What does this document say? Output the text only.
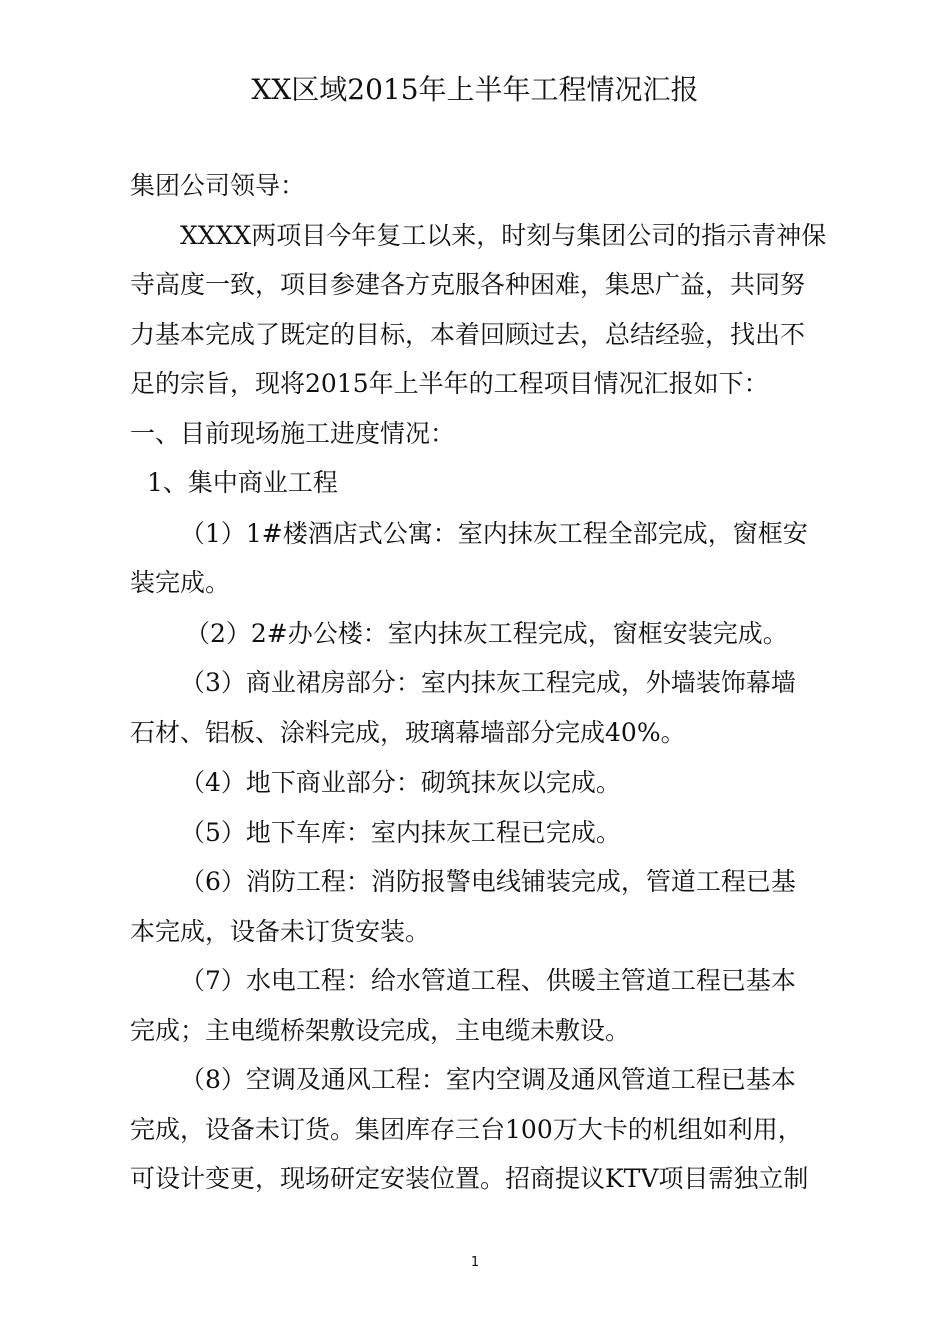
XX区域2015年上半年工程情况汇报
集团公司领导：
XXXX两项目今年复工以来，时刻与集团公司的指示青神保
寺高度一致，项目参建各方克服各种困难，集思广益，共同努
力基本完成了既定的目标，本着回顾过去，总结经验，找出不
足的宗旨，现将2015年上半年的工程项目情况汇报如下：
一、目前现场施工进度情况：
1、集中商业工程
（1）1#楼酒店式公寓：室内抹灰工程全部完成，窗框安
装完成。
（2）2#办公楼：室内抹灰工程完成，窗框安装完成。
（3）商业裙房部分：室内抹灰工程完成，外墙装饰幕墙
石材、铝板、涂料完成，玻璃幕墙部分完成40%。
（4）地下商业部分：砌筑抹灰以完成。
（5）地下车库：室内抹灰工程已完成。
（6）消防工程：消防报警电线铺装完成，管道工程已基
本完成，设备未订货安装。
（7）水电工程：给水管道工程、供暖主管道工程已基本
完成；主电缆桥架敷设完成，主电缆未敷设。
（8）空调及通风工程：室内空调及通风管道工程已基本
完成，设备未订货。集团库存三台100万大卡的机组如利用，
可设计变更，现场研定安装位置。招商提议KTV项目需独立制
1
